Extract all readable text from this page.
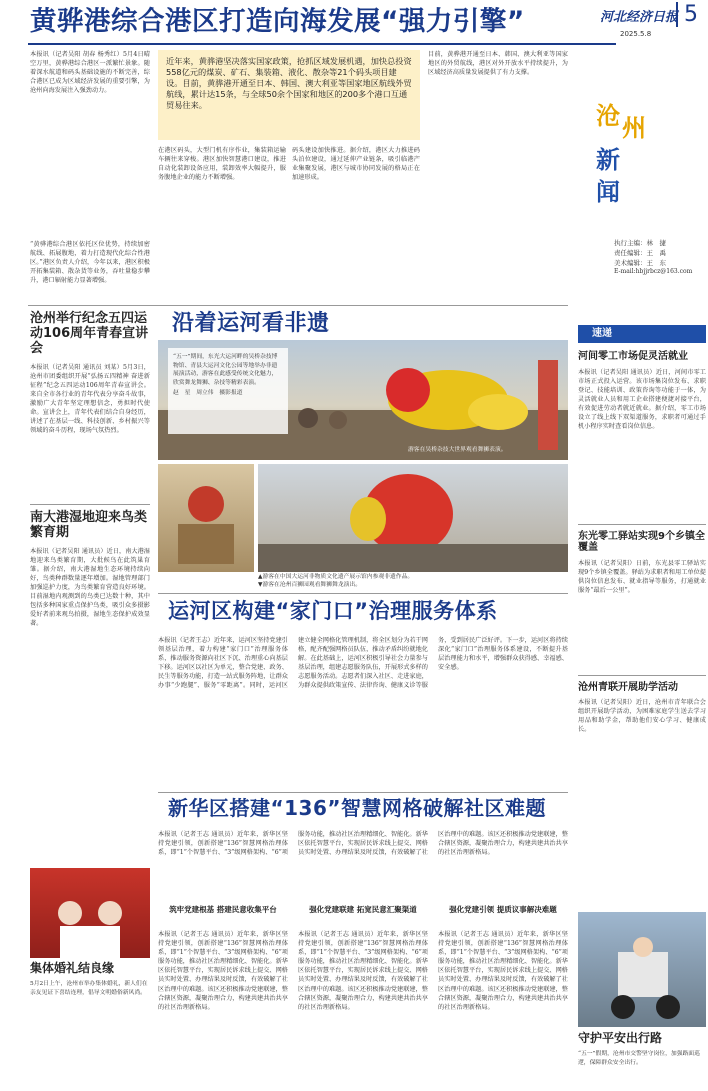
黄骅港综合港区打造向海发展“强力引擎”	河北经济日报 5
2025.5.8
沧 州
新
闻
执行主编：林　捷
责任编辑：王　禹
美术编辑：王　东
E-mail:hbjjrbcz@163.com
本报讯（记者吴阳 胡春 杨秀红）5月4日晴空万里，黄骅港综合港区一派繁忙景象。随着深水航道和码头基础设施的不断完善，综合港区已成为区域经济发展的重要引擎，为沧州向海发展注入强劲动力。
“黄骅港综合港区依托区位优势，持续加密航线、拓展腹地，着力打造现代化综合性港区。”港区负责人介绍，今年以来，港区积极开拓集装箱、散杂货等业务，吞吐量稳步攀升，港口辐射能力显著增强。
近年来，黄骅港坚决落实国家政策，抢抓区域发展机遇，加快总投资558亿元的煤炭、矿石、集装箱、液化、散杂等21个码头项目建设。目前，黄骅港开通至日本、韩国、澳大利亚等国家地区航线外贸航线，累计达15条，与全球50余个国家和地区的200多个港口互通贸易往来。
在港区码头，大型门机有序作业，集装箱运输车辆往来穿梭。港区加快智慧港口建设，推进自动化装卸设备应用，装卸效率大幅提升，服务腹地企业的能力不断增强。
码头建设加快推进。据介绍，港区大力推进码头泊位建设，通过延伸产业链条，吸引临港产业集聚发展，港区与城市协同发展的格局正在加速形成。
目前，黄骅港开通至日本、韩国、澳大利亚等国家地区的外贸航线，港区对外开放水平持续提升，为区域经济高质量发展提供了有力支撑。
沧州举行纪念五四运动106周年青春宣讲会
本报讯（记者吴阳 通讯员 刘某）5月3日，沧州市团委组织开展“弘扬五四精神 奋进新征程”纪念五四运动106周年青春宣讲会。来自全市各行业的青年代表分享奋斗故事，激励广大青年坚定理想信念，勇担时代使命。宣讲会上，青年代表们结合自身经历，讲述了在基层一线、科技创新、乡村振兴等领域的奋斗历程，现场气氛热烈。
南大港湿地迎来鸟类繁育期
本报讯（记者吴阳 通讯员）近日，南大港湿地迎来鸟类繁育期，大批候鸟在此筑巢育雏。据介绍，南大港湿地生态环境持续向好，鸟类种群数量逐年增加。湿地管理部门加强巡护力度，为鸟类繁育营造良好环境。目前湿地内观测到的鸟类已达数十种，其中包括多种国家重点保护鸟类，吸引众多摄影爱好者前来观鸟拍摄，湿地生态保护成效显著。
沿着运河看非遗
“五一”期间，东光大运河畔的吴桥杂技博物馆、青县大运河文化公园等地举办非遗展演活动，游客在此感受传统文化魅力，欣赏舞龙舞狮、杂技等精彩表演。
赵　星　周立伟　摄影报道
游客在吴桥杂技大世界观看舞狮表演。
▲游客在中国大运河非物质文化遗产展示馆内参观非遗作品。
▼游客在沧州百狮园观看舞狮舞龙演出。
运河区构建“家门口”治理服务体系
本报讯（记者王志）近年来，运河区坚持党建引领基层治理，着力构建“家门口”治理服务体系，推动服务资源向社区下沉、治理重心向基层下移。运河区以社区为单元，整合党建、政务、民生等服务功能，打造一站式服务阵地，让群众办事“少跑腿”、服务“零距离”。同时，运河区建立健全网格化管理机制，将全区划分为若干网格，配齐配强网格员队伍，推动矛盾纠纷就地化解。在此基础上，运河区积极引导社会力量参与基层治理，组建志愿服务队伍，开展形式多样的志愿服务活动。志愿者们深入社区、走进家庭，为群众提供政策宣传、法律咨询、健康义诊等服务，受到居民广泛好评。下一步，运河区将持续深化“家门口”治理服务体系建设，不断提升基层治理能力和水平，增强群众获得感、幸福感、安全感。
新华区搭建“136”智慧网格破解社区难题
本报讯（记者王志 通讯员）近年来，新华区坚持党建引领，创新搭建“136”智慧网格治理体系，即“1”个智慧平台、“3”级网格架构、“6”项服务功能，推动社区治理精细化、智能化。新华区依托智慧平台，实现居民诉求线上提交、网格员实时处置、办理结果及时反馈，有效破解了社区治理中的难题。该区还积极推动党建联建，整合辖区资源，凝聚治理合力，构建共建共治共享的社区治理新格局。
筑牢党建根基 搭建民意收集平台	强化党建联建 拓宽民意汇聚渠道	强化党建引领 提质议事解决难题
本报讯（记者王志 通讯员）近年来，新华区坚持党建引领，创新搭建“136”智慧网格治理体系，即“1”个智慧平台、“3”级网格架构、“6”项服务功能，推动社区治理精细化、智能化。新华区依托智慧平台，实现居民诉求线上提交、网格员实时处置、办理结果及时反馈，有效破解了社区治理中的难题。该区还积极推动党建联建，整合辖区资源，凝聚治理合力，构建共建共治共享的社区治理新格局。
本报讯（记者王志 通讯员）近年来，新华区坚持党建引领，创新搭建“136”智慧网格治理体系，即“1”个智慧平台、“3”级网格架构、“6”项服务功能，推动社区治理精细化、智能化。新华区依托智慧平台，实现居民诉求线上提交、网格员实时处置、办理结果及时反馈，有效破解了社区治理中的难题。该区还积极推动党建联建，整合辖区资源，凝聚治理合力，构建共建共治共享的社区治理新格局。
本报讯（记者王志 通讯员）近年来，新华区坚持党建引领，创新搭建“136”智慧网格治理体系，即“1”个智慧平台、“3”级网格架构、“6”项服务功能，推动社区治理精细化、智能化。新华区依托智慧平台，实现居民诉求线上提交、网格员实时处置、办理结果及时反馈，有效破解了社区治理中的难题。该区还积极推动党建联建，整合辖区资源，凝聚治理合力，构建共建共治共享的社区治理新格局。
速递
河间零工市场促灵活就业
本报讯（记者吴阳 通讯员）近日，河间市零工市场正式投入运营。该市场集岗位发布、求职登记、技能培训、政策咨询等功能于一体，为灵活就业人员和用工企业搭建便捷对接平台，有效促进劳动者就近就业。据介绍，零工市场设立了线上线下双渠道服务，求职者可通过手机小程序实时查看岗位信息。
东光零工驿站实现9个乡镇全覆盖
本报讯（记者吴阳）日前，东光县零工驿站实现9个乡镇全覆盖。驿站为求职者和用工单位提供岗位信息发布、就业指导等服务，打通就业服务“最后一公里”。
沧州青联开展助学活动
本报讯（记者吴阳）近日，沧州市青年联合会组织开展助学活动，为困难家庭学生送去学习用品和助学金，帮助他们安心学习、健康成长。
集体婚礼结良缘
5月2日上午，沧州市举办集体婚礼，新人们在亲友见证下喜结连理，倡导文明婚俗新风尚。
守护平安出行路
“五一”假期，沧州市交警坚守岗位，加强路面巡逻，保障群众安全出行。
